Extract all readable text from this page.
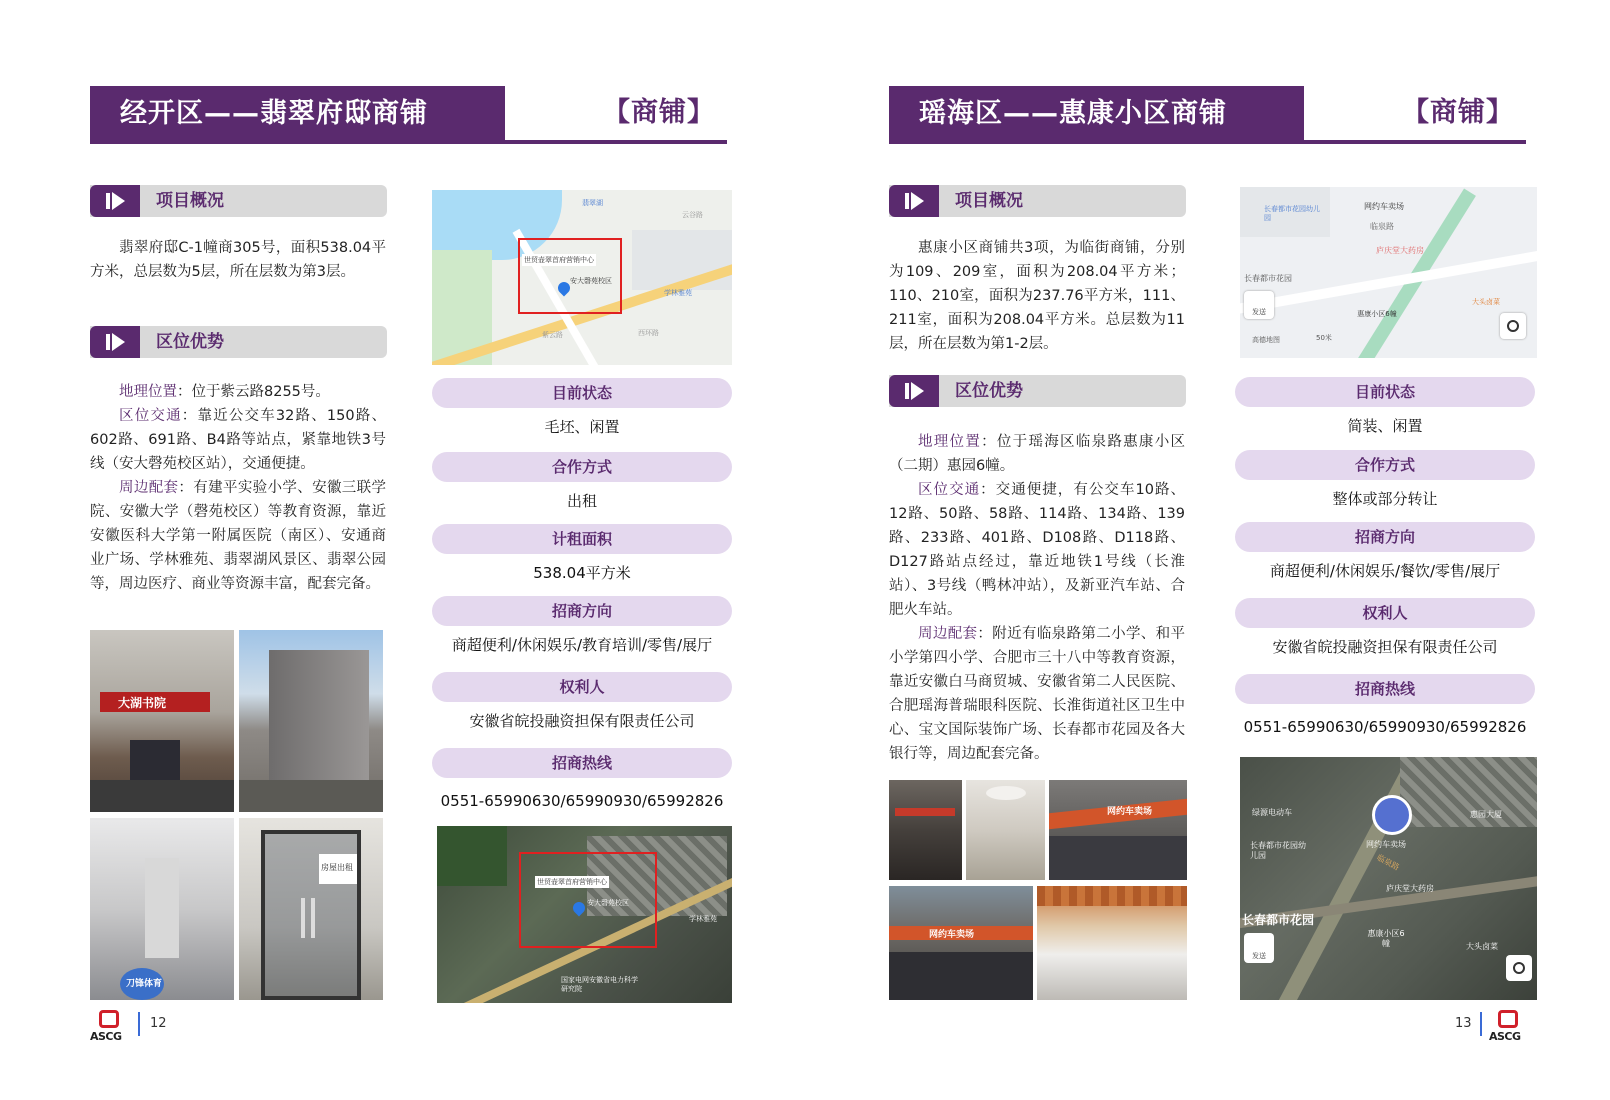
经开区——翡翠府邸商铺	【商铺】
项目概况

翡翠府邸C-1幢商305号，面积538.04平方米，总层数为5层，所在层数为第3层。

区位优势

地理位置：位于紫云路8255号。

区位交通：靠近公交车32路、150路、602路、691路、B4路等站点，紧靠地铁3号线（安大磬苑校区站），交通便捷。

周边配套：有建平实验小学、安徽三联学院、安徽大学（磬苑校区）等教育资源，靠近安徽医科大学第一附属医院（南区）、安通商业广场、学林雅苑、翡翠湖风景区、翡翠公园等，周边医疗、商业等资源丰富，配套完备。

大湖书院
刀锋体育
房屋出租
世贸壶翠首府营销中心
安大磬苑校区
学林雅苑
翡翠湖
紫云路
云谷路
西环路
目前状态
毛坯、闲置
合作方式
出租
计租面积
538.04平方米
招商方向
商超便利/休闲娱乐/教育培训/零售/展厅
权利人
安徽省皖投融资担保有限责任公司
招商热线
0551-65990630/65990930/65992826
世贸壶翠首府营销中心
安大磬苑校区
学林雅苑
国家电网安徽省电力科学研究院
ASCG
12
瑶海区——惠康小区商铺	【商铺】
项目概况

惠康小区商铺共3项，为临街商铺，分别为109、209室，面积为208.04平方米；110、210室，面积为237.76平方米，111、211室，面积为208.04平方米。总层数为11层，所在层数为第1-2层。

区位优势

地理位置：位于瑶海区临泉路惠康小区（二期）惠园6幢。

区位交通：交通便捷，有公交车10路、12路、50路、58路、114路、134路、139路、233路、401路、D108路、D118路、D127路站点经过，靠近地铁1号线（长淮站）、3号线（鸭林冲站），及新亚汽车站、合肥火车站。

周边配套：附近有临泉路第二小学、和平小学第四小学、合肥市三十八中等教育资源，靠近安徽白马商贸城、安徽省第二人民医院、合肥瑶海普瑞眼科医院、长淮街道社区卫生中心、宝文国际装饰广场、长春都市花园及各大银行等，周边配套完备。

网约车卖场
网约车卖场
网约车卖场
长春都市花园幼儿园
临泉路
庐庆堂大药房
长春都市花园
惠康小区6幢
大头卤菜
高德地图	50米
发送
目前状态
简装、闲置
合作方式
整体或部分转让
招商方向
商超便利/休闲娱乐/餐饮/零售/展厅
权利人
安徽省皖投融资担保有限责任公司
招商热线
0551-65990630/65990930/65992826
网约车卖场
绿源电动车	惠园大厦
长春都市花园幼儿园	临泉路
庐庆堂大药房
长春都市花园
惠康小区6幢	大头卤菜
发送
13
ASCG
